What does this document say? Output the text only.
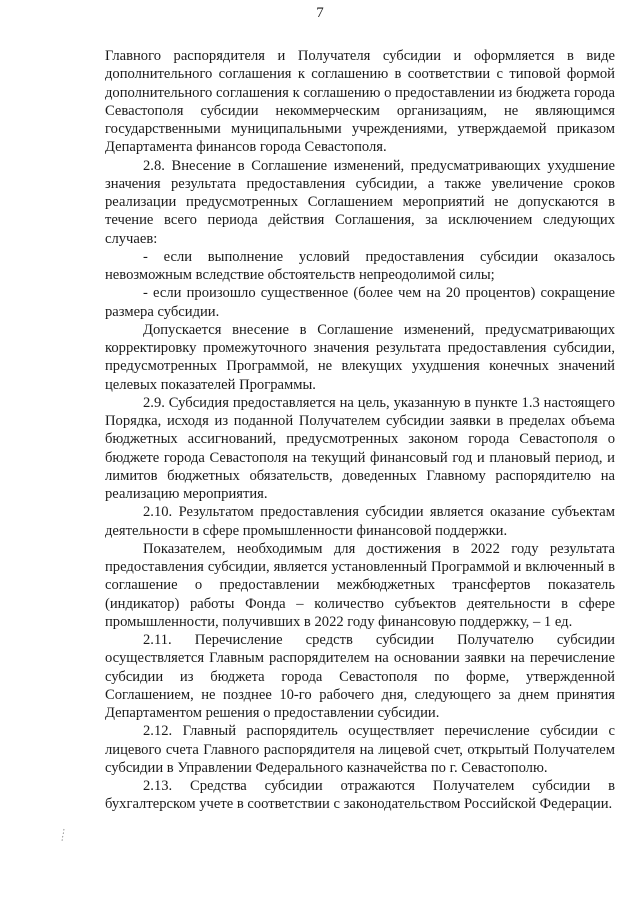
7

Главного распорядителя и Получателя субсидии и оформляется в виде дополнительного соглашения к соглашению в соответствии с типовой формой дополнительного соглашения к соглашению о предоставлении из бюджета города Севастополя субсидии некоммерческим организациям, не являющимся государственными муниципальными учреждениями, утверждаемой приказом Департамента финансов города Севастополя.

2.8. Внесение в Соглашение изменений, предусматривающих ухудшение значения результата предоставления субсидии, а также увеличение сроков реализации предусмотренных Соглашением мероприятий не допускаются в течение всего периода действия Соглашения, за исключением следующих случаев:

- если выполнение условий предоставления субсидии оказалось невозможным вследствие обстоятельств непреодолимой силы;

- если произошло существенное (более чем на 20 процентов) сокращение размера субсидии.

Допускается внесение в Соглашение изменений, предусматривающих корректировку промежуточного значения результата предоставления субсидии, предусмотренных Программой, не влекущих ухудшения конечных значений целевых показателей Программы.

2.9. Субсидия предоставляется на цель, указанную в пункте 1.3 настоящего Порядка, исходя из поданной Получателем субсидии заявки в пределах объема бюджетных ассигнований, предусмотренных законом города Севастополя о бюджете города Севастополя на текущий финансовый год и плановый период, и лимитов бюджетных обязательств, доведенных Главному распорядителю на реализацию мероприятия.

2.10. Результатом предоставления субсидии является оказание субъектам деятельности в сфере промышленности финансовой поддержки.

Показателем, необходимым для достижения в 2022 году результата предоставления субсидии, является установленный Программой и включенный в соглашение о предоставлении межбюджетных трансфертов показатель (индикатор) работы Фонда – количество субъектов деятельности в сфере промышленности, получивших в 2022 году финансовую поддержку, – 1 ед.

2.11. Перечисление средств субсидии Получателю субсидии осуществляется Главным распорядителем на основании заявки на перечисление субсидии из бюджета города Севастополя по форме, утвержденной Соглашением, не позднее 10-го рабочего дня, следующего за днем принятия Департаментом решения о предоставлении субсидии.

2.12. Главный распорядитель осуществляет перечисление субсидии с лицевого счета Главного распорядителя на лицевой счет, открытый Получателем субсидии в Управлении Федерального казначейства по г. Севастополю.

2.13. Средства субсидии отражаются Получателем субсидии в бухгалтерском учете в соответствии с законодательством Российской Федерации.
